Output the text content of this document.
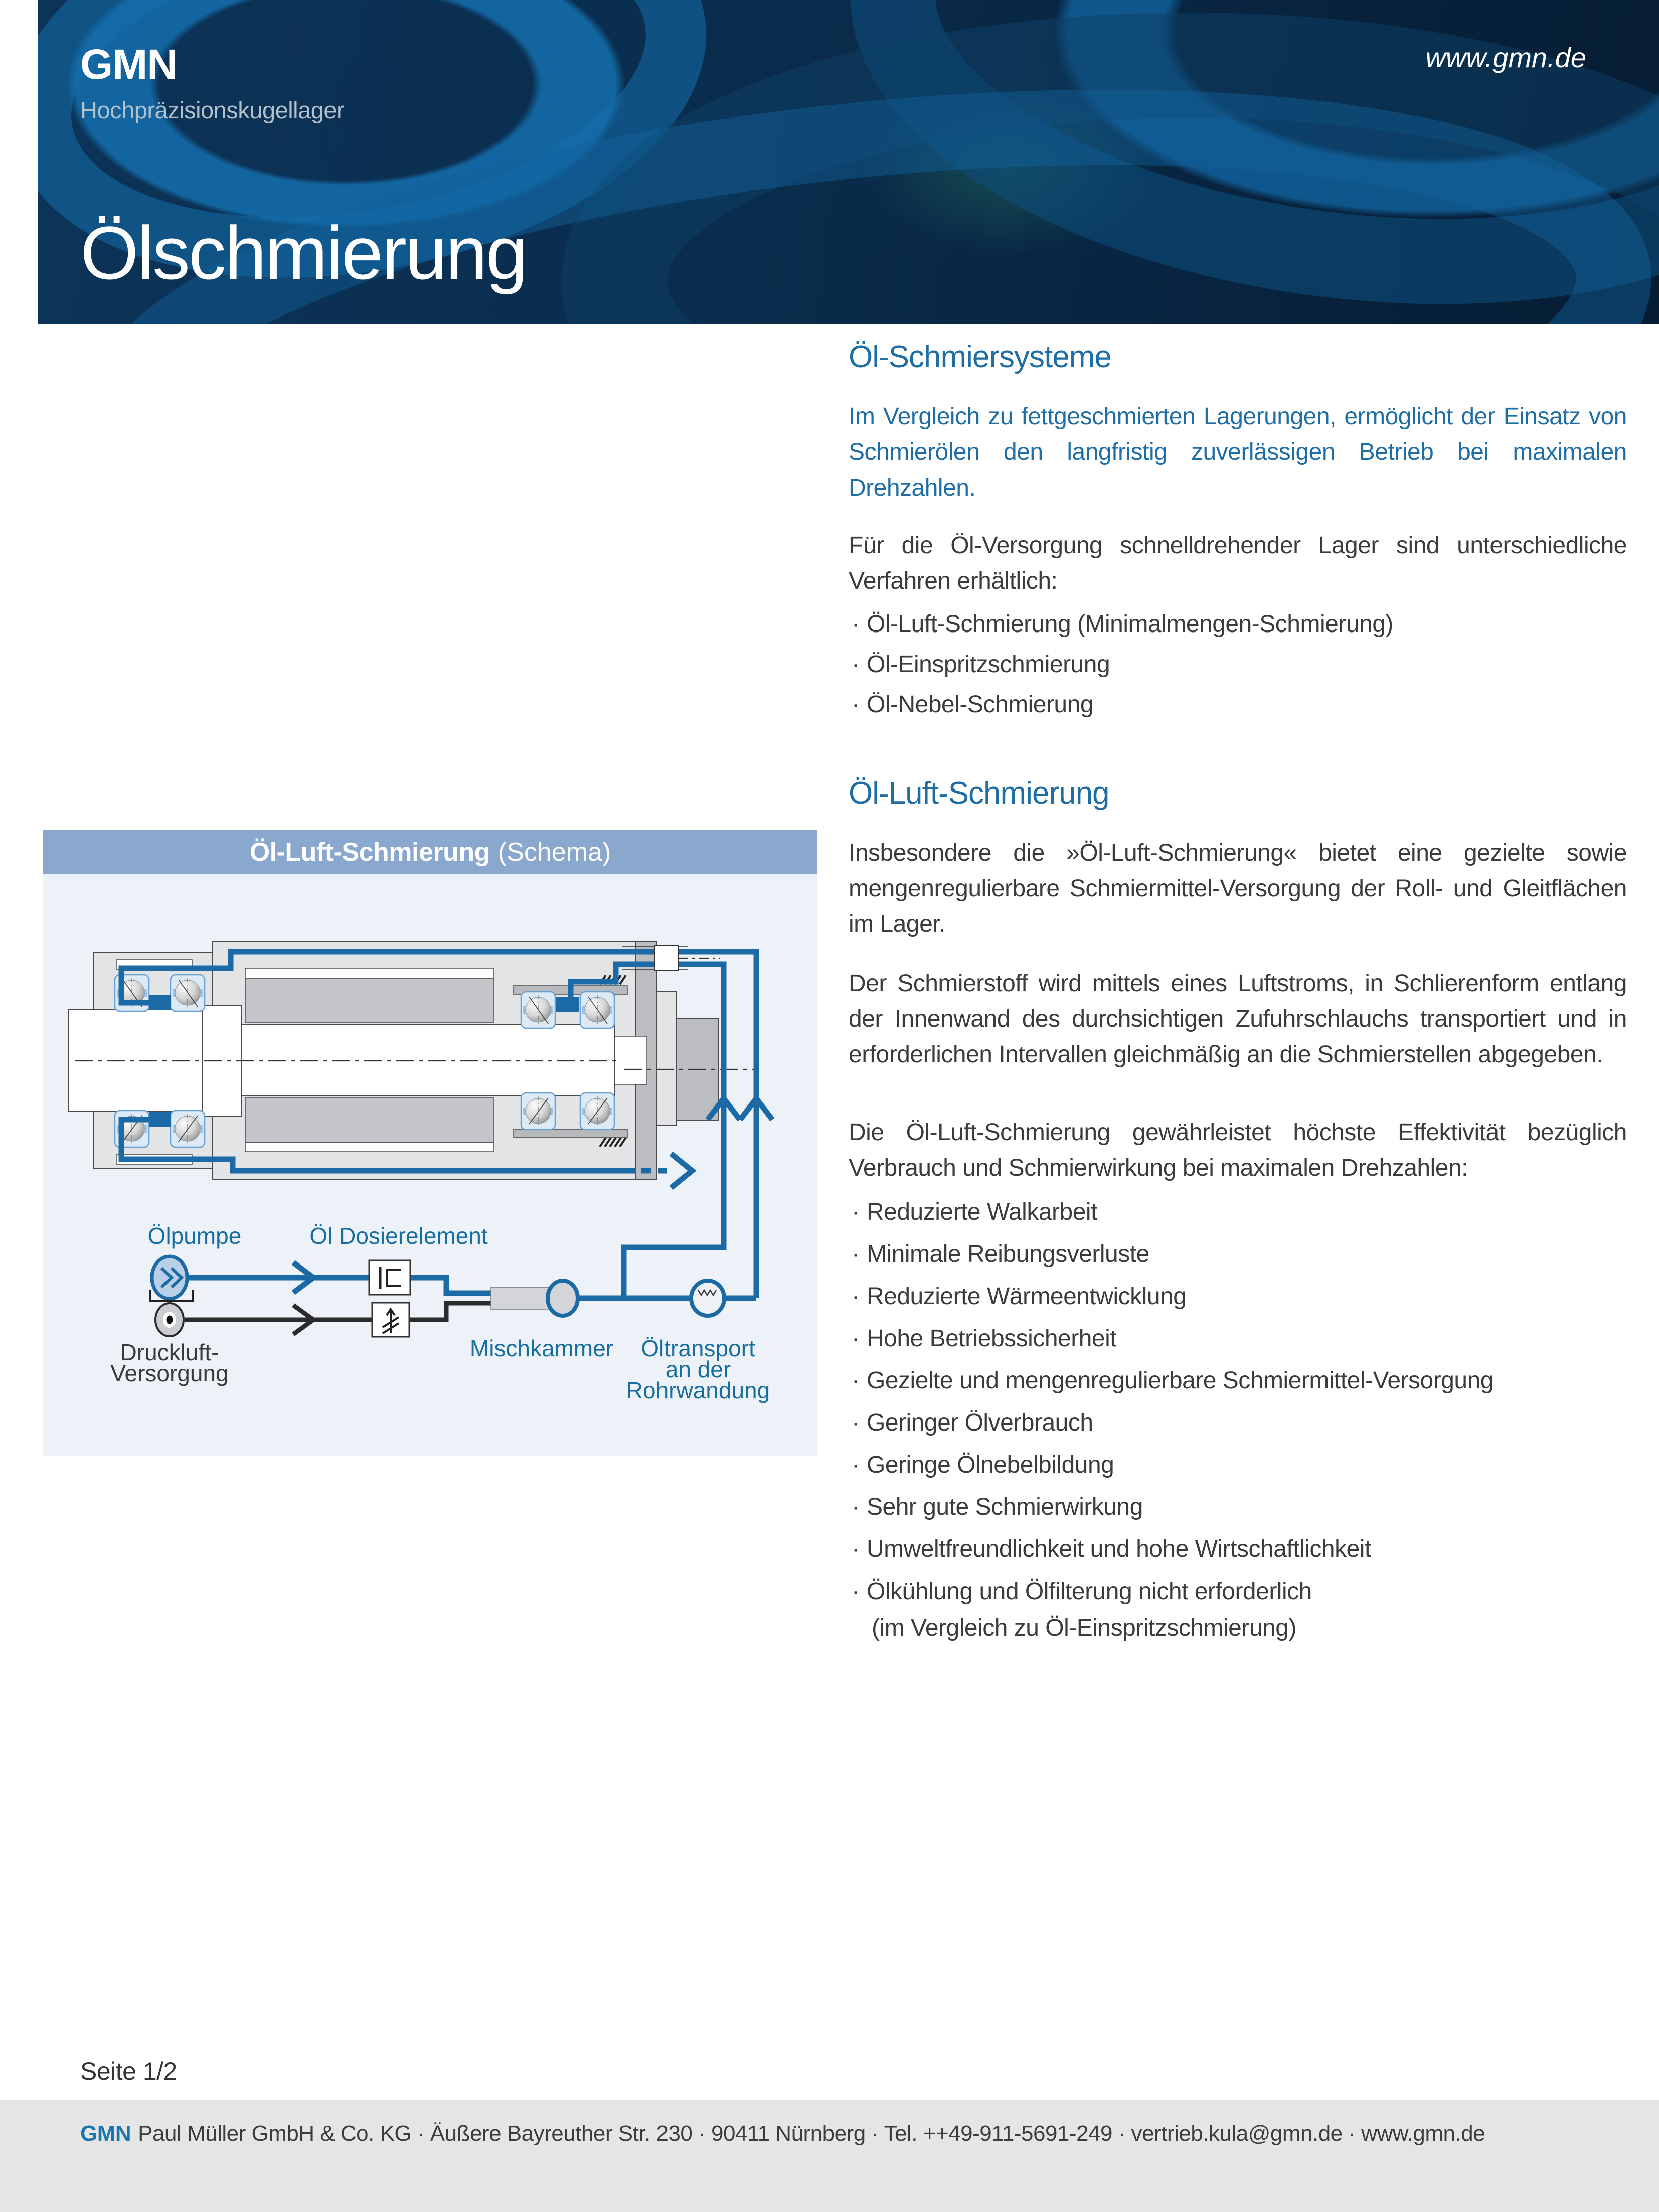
GMN
Hochpräzisionskugellager
www.gmn.de
Ölschmierung
Öl-Schmiersysteme

Im Vergleich zu fettgeschmierten Lagerungen, ermöglicht der Einsatz von Schmierölen den langfristig zuverlässigen Betrieb bei maximalen Drehzahlen.

Für die Öl-Versorgung schnelldrehender Lager sind unterschiedliche Verfahren erhältlich:

· Öl-Luft-Schmierung (Minimalmengen-Schmierung)
· Öl-Einspritzschmierung
· Öl-Nebel-Schmierung
Öl-Luft-Schmierung

Insbesondere die »Öl-Luft-Schmierung« bietet eine gezielte sowie mengenregulierbare Schmiermittel-Versorgung der Roll- und Gleitflächen im Lager.

Der Schmierstoff wird mittels eines Luftstroms, in Schlierenform entlang der Innenwand des durchsichtigen Zufuhrschlauchs transportiert und in erforderlichen Intervallen gleichmäßig an die Schmierstellen abgegeben.

Die Öl-Luft-Schmierung gewährleistet höchste Effektivität bezüglich Verbrauch und Schmierwirkung bei maximalen Drehzahlen:

· Reduzierte Walkarbeit
· Minimale Reibungsverluste
· Reduzierte Wärmeentwicklung
· Hohe Betriebssicherheit
· Gezielte und mengenregulierbare Schmiermittel-Versorgung
· Geringer Ölverbrauch
· Geringe Ölnebelbildung
· Sehr gute Schmierwirkung
· Umweltfreundlichkeit und hohe Wirtschaftlichkeit
· Ölkühlung und Ölfilterung nicht erforderlich
(im Vergleich zu Öl-Einspritzschmierung)
Öl-Luft-Schmierung (Schema)
Ölpumpe	Öl Dosierelement
Druckluft-
Versorgung
Mischkammer Öltransport
an der
Rohrwandung
Seite 1/2
GMN Paul Müller GmbH & Co. KG · Äußere Bayreuther Str. 230 · 90411 Nürnberg · Tel. ++49-911-5691-249 · vertrieb.kula@gmn.de · www.gmn.de
